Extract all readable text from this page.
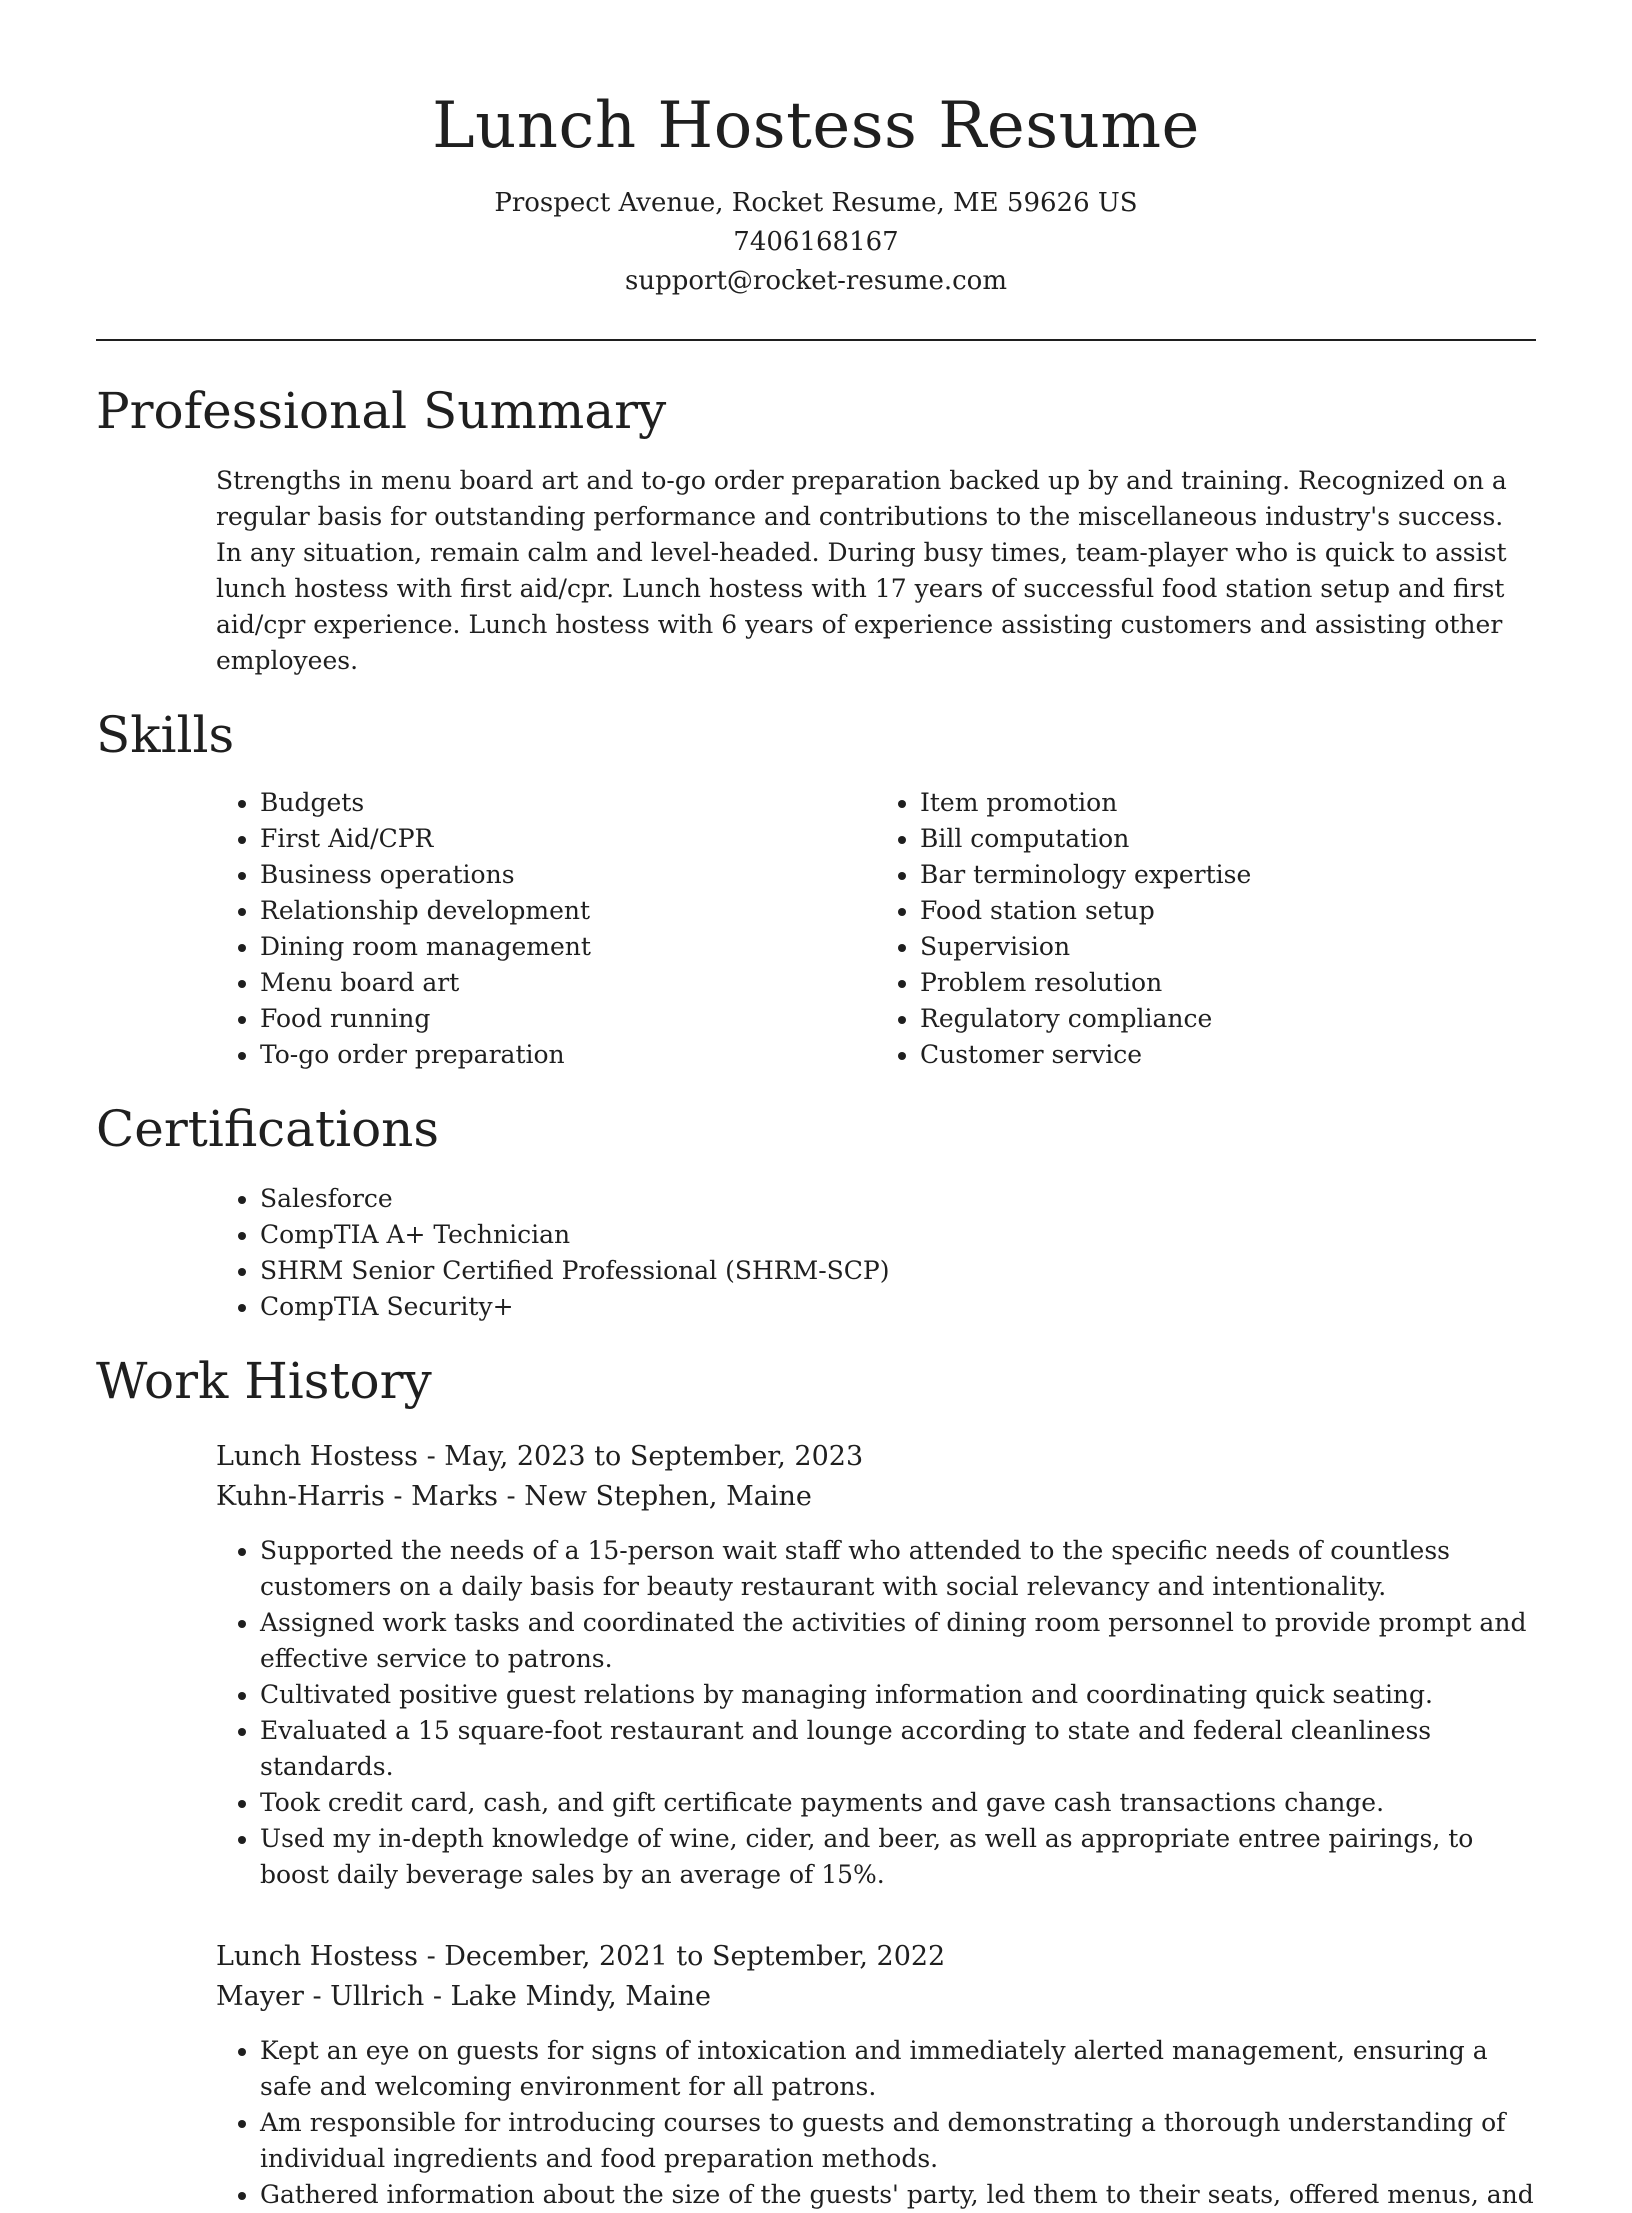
Lunch Hostess Resume
Prospect Avenue, Rocket Resume, ME 59626 US
7406168167
support@rocket-resume.com
Professional Summary

Strengths in menu board art and to-go order preparation backed up by and training. Recognized on a regular basis for outstanding performance and contributions to the miscellaneous industry's success. In any situation, remain calm and level-headed. During busy times, team-player who is quick to assist lunch hostess with first aid/cpr. Lunch hostess with 17 years of successful food station setup and first aid/cpr experience. Lunch hostess with 6 years of experience assisting customers and assisting other employees.

Skills
• Budgets
• First Aid/CPR
• Business operations
• Relationship development
• Dining room management
• Menu board art
• Food running
• To-go order preparation
• Item promotion
• Bill computation
• Bar terminology expertise
• Food station setup
• Supervision
• Problem resolution
• Regulatory compliance
• Customer service
Certifications
• Salesforce
• CompTIA A+ Technician
• SHRM Senior Certified Professional (SHRM-SCP)
• CompTIA Security+
Work History
Lunch Hostess - May, 2023 to September, 2023
Kuhn-Harris - Marks - New Stephen, Maine
• Supported the needs of a 15-person wait staff who attended to the specific needs of countless customers on a daily basis for beauty restaurant with social relevancy and intentionality.
• Assigned work tasks and coordinated the activities of dining room personnel to provide prompt and effective service to patrons.
• Cultivated positive guest relations by managing information and coordinating quick seating.
• Evaluated a 15 square-foot restaurant and lounge according to state and federal cleanliness standards.
• Took credit card, cash, and gift certificate payments and gave cash transactions change.
• Used my in-depth knowledge of wine, cider, and beer, as well as appropriate entree pairings, to boost daily beverage sales by an average of 15%.
Lunch Hostess - December, 2021 to September, 2022
Mayer - Ullrich - Lake Mindy, Maine
• Kept an eye on guests for signs of intoxication and immediately alerted management, ensuring a safe and welcoming environment for all patrons.
• Am responsible for introducing courses to guests and demonstrating a thorough understanding of individual ingredients and food preparation methods.
• Gathered information about the size of the guests' party, led them to their seats, offered menus, and
